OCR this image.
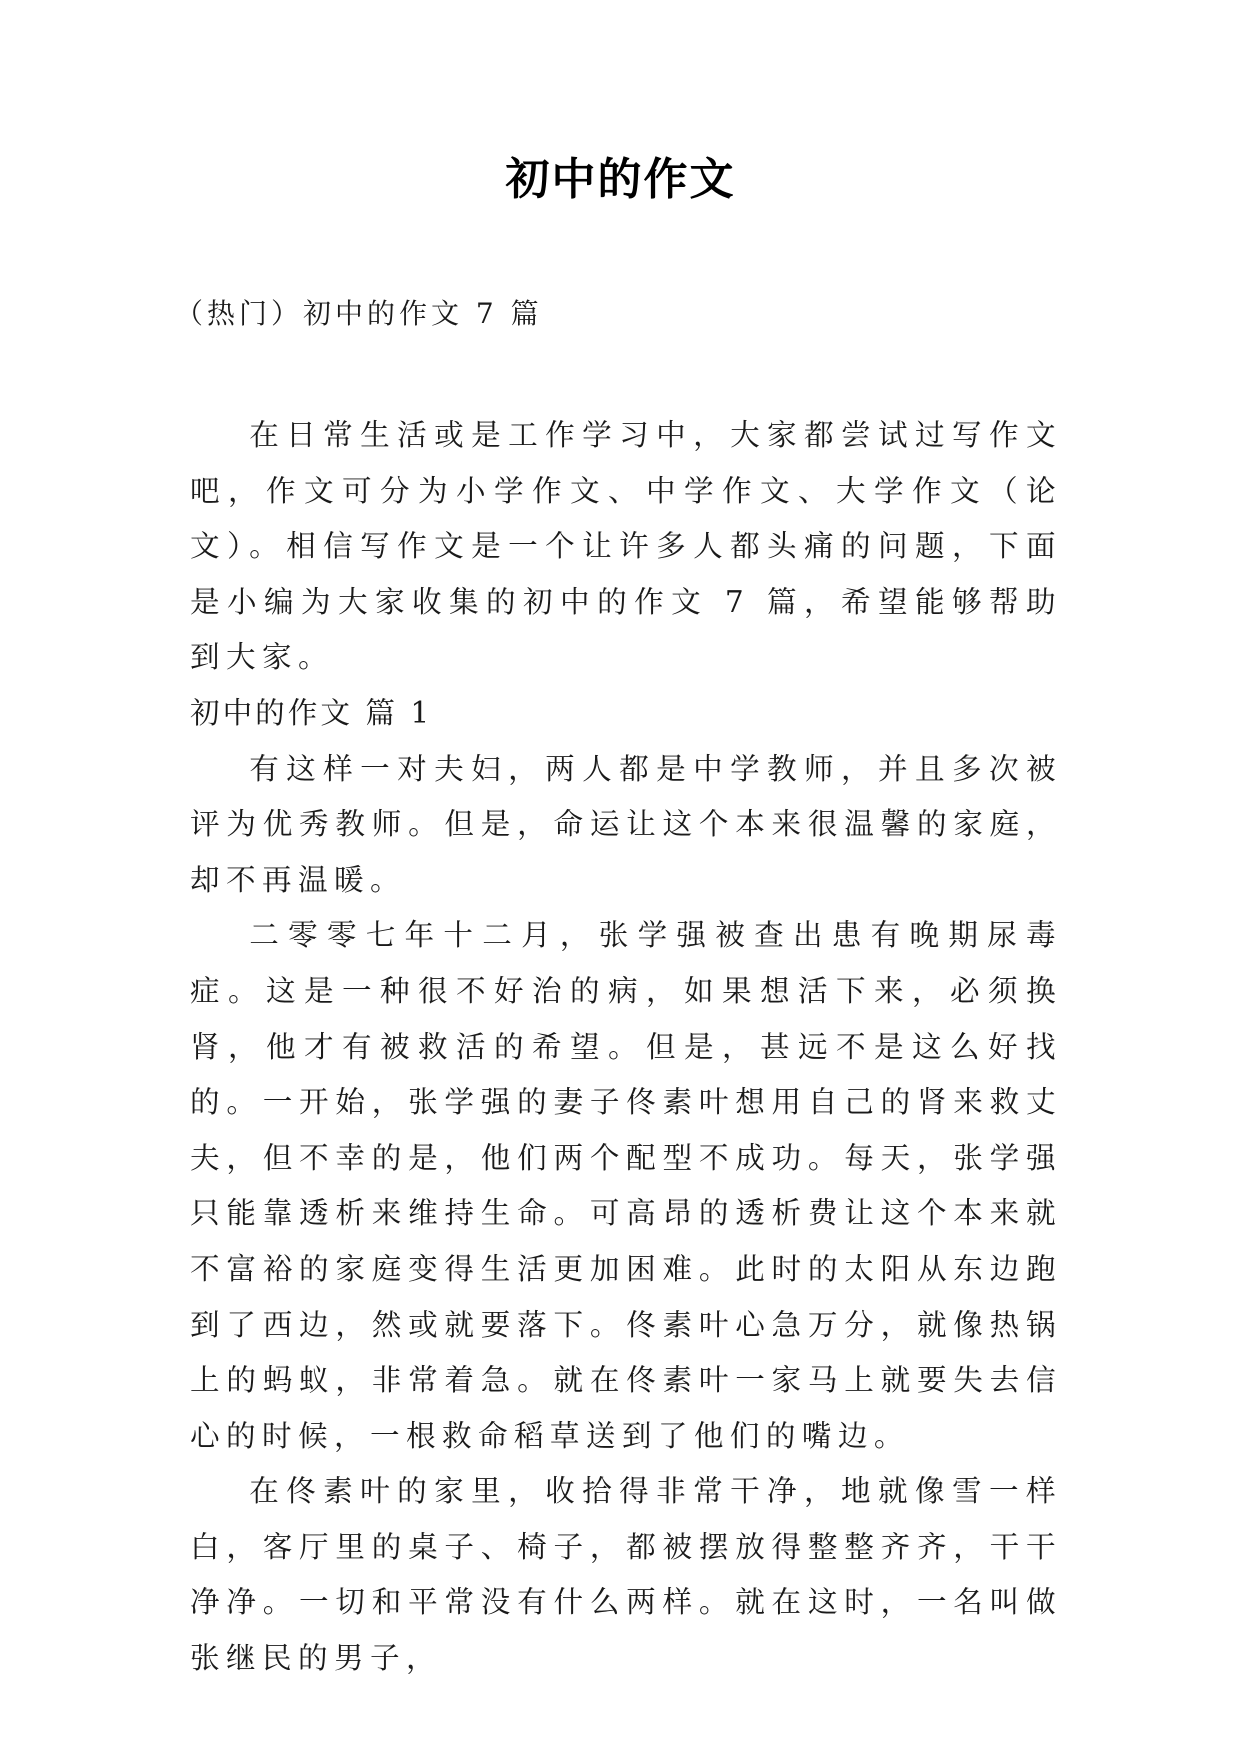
初中的作文
（热门）初中的作文 7 篇

在日常生活或是工作学习中，大家都尝试过写作文吧，作文可分为小学作文、中学作文、大学作文（论文）。相信写作文是一个让许多人都头痛的问题，下面是小编为大家收集的初中的作文 7 篇，希望能够帮助到大家。

初中的作文 篇 1

有这样一对夫妇，两人都是中学教师，并且多次被评为优秀教师。但是，命运让这个本来很温馨的家庭，却不再温暖。

二零零七年十二月，张学强被查出患有晚期尿毒症。这是一种很不好治的病，如果想活下来，必须换肾，他才有被救活的希望。但是，甚远不是这么好找的。一开始，张学强的妻子佟素叶想用自己的肾来救丈夫，但不幸的是，他们两个配型不成功。每天，张学强只能靠透析来维持生命。可高昂的透析费让这个本来就不富裕的家庭变得生活更加困难。此时的太阳从东边跑到了西边，然或就要落下。佟素叶心急万分，就像热锅上的蚂蚁，非常着急。就在佟素叶一家马上就要失去信心的时候，一根救命稻草送到了他们的嘴边。

在佟素叶的家里，收拾得非常干净，地就像雪一样白，客厅里的桌子、椅子，都被摆放得整整齐齐，干干净净。一切和平常没有什么两样。就在这时，一名叫做张继民的男子，
